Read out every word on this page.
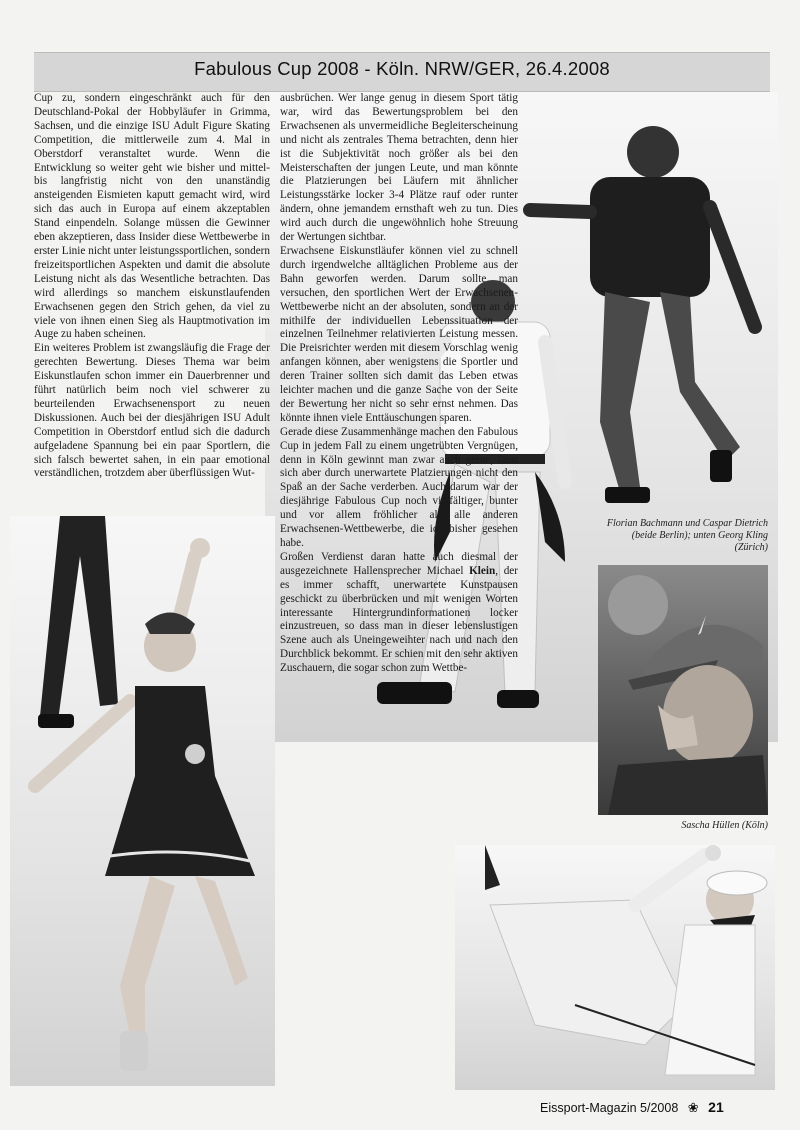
Fabulous Cup 2008 - Köln. NRW/GER, 26.4.2008

Cup zu, sondern eingeschränkt auch für den Deutschland-Pokal der Hobbyläufer in Grimma, Sachsen, und die einzige ISU Adult Figure Skating Competition, die mittlerweile zum 4. Mal in Oberstdorf veranstaltet wurde. Wenn die Entwicklung so weiter geht wie bisher und mittel- bis langfristig nicht von den unanständig ansteigenden Eismieten kaputt gemacht wird, wird sich das auch in Europa auf einem akzeptablen Stand einpendeln. Solange müssen die Gewinner eben akzeptieren, dass Insider diese Wettbewerbe in erster Linie nicht unter leistungssportlichen, sondern freizeitsportlichen Aspekten und damit die absolute Leistung nicht als das Wesentliche betrachten. Das wird allerdings so manchem eiskunstlaufenden Erwachsenen gegen den Strich gehen, da viel zu viele von ihnen einen Sieg als Hauptmotivation im Auge zu haben scheinen.

Ein weiteres Problem ist zwangsläufig die Frage der gerechten Bewertung. Dieses Thema war beim Eiskunstlaufen schon immer ein Dauerbrenner und führt natürlich beim noch viel schwerer zu beurteilenden Erwachsenensport zu neuen Diskussionen. Auch bei der diesjährigen ISU Adult Competition in Oberstdorf entlud sich die dadurch aufgeladene Spannung bei ein paar Sportlern, die sich falsch bewertet sahen, in ein paar emotional verständlichen, trotzdem aber überflüssigen Wut-

ausbrüchen. Wer lange genug in diesem Sport tätig war, wird das Bewertungsproblem bei den Erwachsenen als unvermeidliche Begleiterscheinung und nicht als zentrales Thema betrachten, denn hier ist die Subjektivität noch größer als bei den Meisterschaften der jungen Leute, und man könnte die Platzierungen bei Läufern mit ähnlicher Leistungsstärke locker 3-4 Plätze rauf oder runter ändern, ohne jemandem ernsthaft weh zu tun. Dies wird auch durch die ungewöhnlich hohe Streuung der Wertungen sichtbar.

Erwachsene Eiskunstläufer können viel zu schnell durch irgendwelche alltäglichen Probleme aus der Bahn geworfen werden. Darum sollte man versuchen, den sportlichen Wert der Erwachsenen-Wettbewerbe nicht an der absoluten, sondern an der mithilfe der individuellen Lebenssituation der einzelnen Teilnehmer relativierten Leistung messen. Die Preisrichter werden mit diesem Vorschlag wenig anfangen können, aber wenigstens die Sportler und deren Trainer sollten sich damit das Leben etwas leichter machen und die ganze Sache von der Seite der Bewertung her nicht so sehr ernst nehmen. Das könnte ihnen viele Enttäuschungen sparen.

Gerade diese Zusammenhänge machen den Fabulous Cup in jedem Fall zu einem ungetrübten Vergnügen, denn in Köln gewinnt man zwar auch gerne, lässt sich aber durch unerwartete Platzierungen nicht den Spaß an der Sache verderben. Auch darum war der diesjährige Fabulous Cup noch vielfältiger, bunter und vor allem fröhlicher als alle anderen Erwachsenen-Wettbewerbe, die ich bisher gesehen habe.

Großen Verdienst daran hatte auch diesmal der ausgezeichnete Hallensprecher Michael Klein, der es immer schafft, unerwartete Kunstpausen geschickt zu überbrücken und mit wenigen Worten interessante Hintergrundinformationen locker einzustreuen, so dass man in dieser lebenslustigen Szene auch als Uneingeweihter nach und nach den Durchblick bekommt. Er schien mit den sehr aktiven Zuschauern, die sogar schon zum Wettbe-

Florian Bachmann und Caspar Dietrich (beide Berlin); unten Georg Kling (Zürich)
Sascha Hüllen (Köln)
Eissport-Magazin 5/2008 ❀ 21
